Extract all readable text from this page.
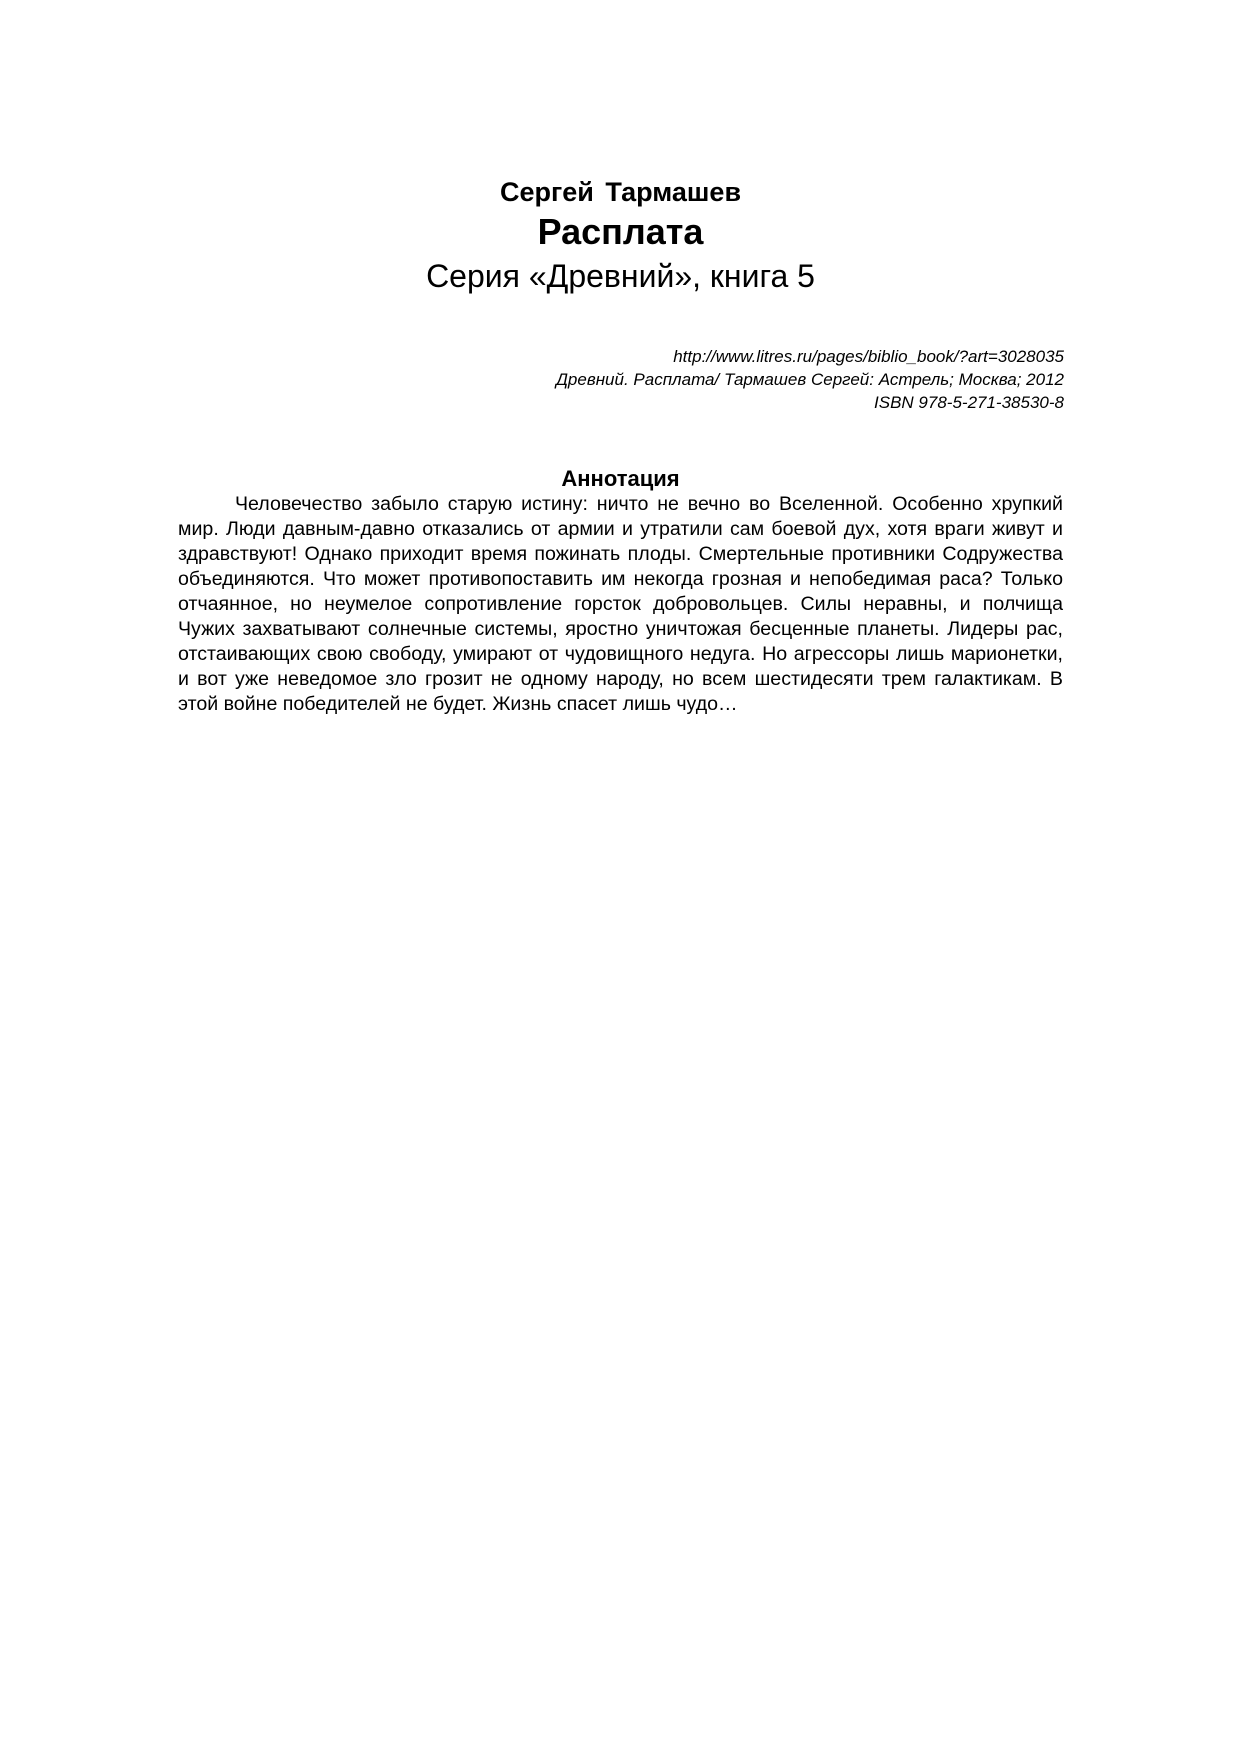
Сергей Тармашев
Расплата
Серия «Древний», книга 5
http://www.litres.ru/pages/biblio_book/?art=3028035
Древний. Расплата/ Тармашев Сергей: Астрель; Москва; 2012
ISBN 978-5-271-38530-8
Аннотация

Человечество забыло старую истину: ничто не вечно во Вселенной. Особенно хрупкий мир. Люди давным-давно отказались от армии и утратили сам боевой дух, хотя враги живут и здравствуют! Однако приходит время пожинать плоды. Смертельные противники Содружества объединяются. Что может противопоставить им некогда грозная и непобедимая раса? Только отчаянное, но неумелое сопротивление горсток добровольцев. Силы неравны, и полчища Чужих захватывают солнечные системы, яростно уничтожая бесценные планеты. Лидеры рас, отстаивающих свою свободу, умирают от чудовищного недуга. Но агрессоры лишь марионетки, и вот уже неведомое зло грозит не одному народу, но всем шестидесяти трем галактикам. В этой войне победителей не будет. Жизнь спасет лишь чудо…
